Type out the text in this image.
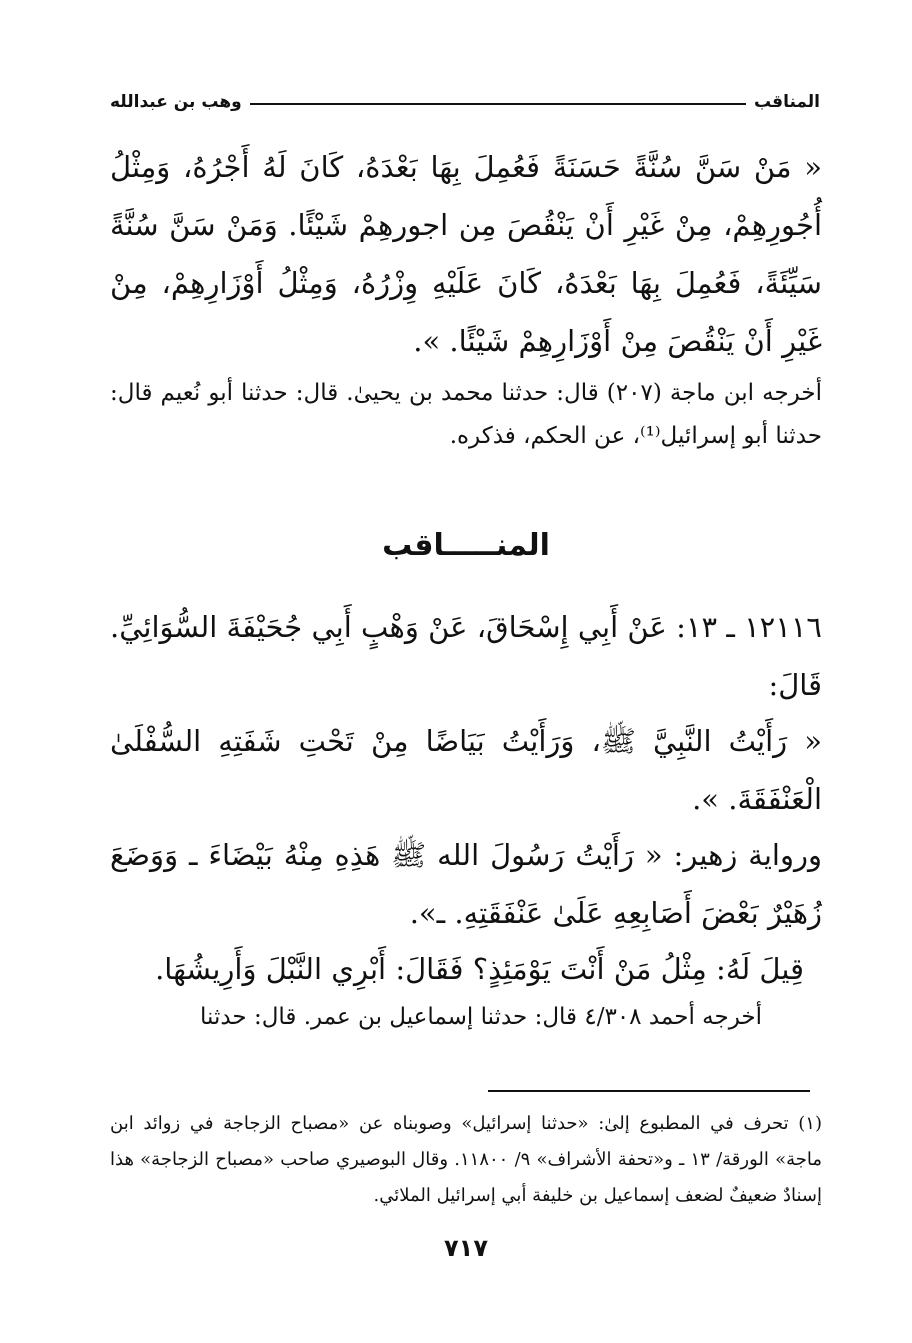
المناقب
وهب بن عبدالله
« مَنْ سَنَّ سُنَّةً حَسَنَةً فَعُمِلَ بِهَا بَعْدَهُ، كَانَ لَهُ أَجْرُهُ، وَمِثْلُ أُجُورِهِمْ، مِنْ غَيْرِ أَنْ يَنْقُصَ مِن اجورهِمْ شَيْئًا. وَمَنْ سَنَّ سُنَّةً سَيِّئَةً، فَعُمِلَ بِهَا بَعْدَهُ، كَانَ عَلَيْهِ وِزْرُهُ، وَمِثْلُ أَوْزَارِهِمْ، مِنْ غَيْرِ أَنْ يَنْقُصَ مِنْ أَوْزَارِهِمْ شَيْئًا. ».
أخرجه ابن ماجة (٢٠٧) قال: حدثنا محمد بن يحيىٰ. قال: حدثنا أبو نُعيم قال: حدثنا أبو إسرائيل⁽¹⁾، عن الحكم، فذكره.
المنـــــاقب
١٢١١٦ ـ ١٣: عَنْ أَبِي إِسْحَاقَ، عَنْ وَهْبٍ أَبِي جُحَيْفَةَ السُّوَائِيِّ. قَالَ:
« رَأَيْتُ النَّبِيَّ ﷺ، وَرَأَيْتُ بَيَاضًا مِنْ تَحْتِ شَفَتِهِ السُّفْلَىٰ الْعَنْفَقَةَ. ».
ورواية زهير: « رَأَيْتُ رَسُولَ الله ﷺ هَذِهِ مِنْهُ بَيْضَاءَ ـ وَوَضَعَ زُهَيْرٌ بَعْضَ أَصَابِعِهِ عَلَىٰ عَنْفَقَتِهِ. ـ».
قِيلَ لَهُ: مِثْلُ مَنْ أَنْتَ يَوْمَئِذٍ؟ فَقَالَ: أَبْرِي النَّبْلَ وَأَرِيشُهَا.
أخرجه أحمد ٤/٣٠٨ قال: حدثنا إسماعيل بن عمر. قال: حدثنا
(١) تحرف في المطبوع إلىٰ: «حدثنا إسرائيل» وصوبناه عن «مصباح الزجاجة في زوائد ابن ماجة» الورقة/ ١٣ ـ و«تحفة الأشراف» ٩/ ١١٨٠٠. وقال البوصيري صاحب «مصباح الزجاجة» هذا إسنادٌ ضعيفٌ لضعف إسماعيل بن خليفة أبي إسرائيل الملائي.
٧١٧
